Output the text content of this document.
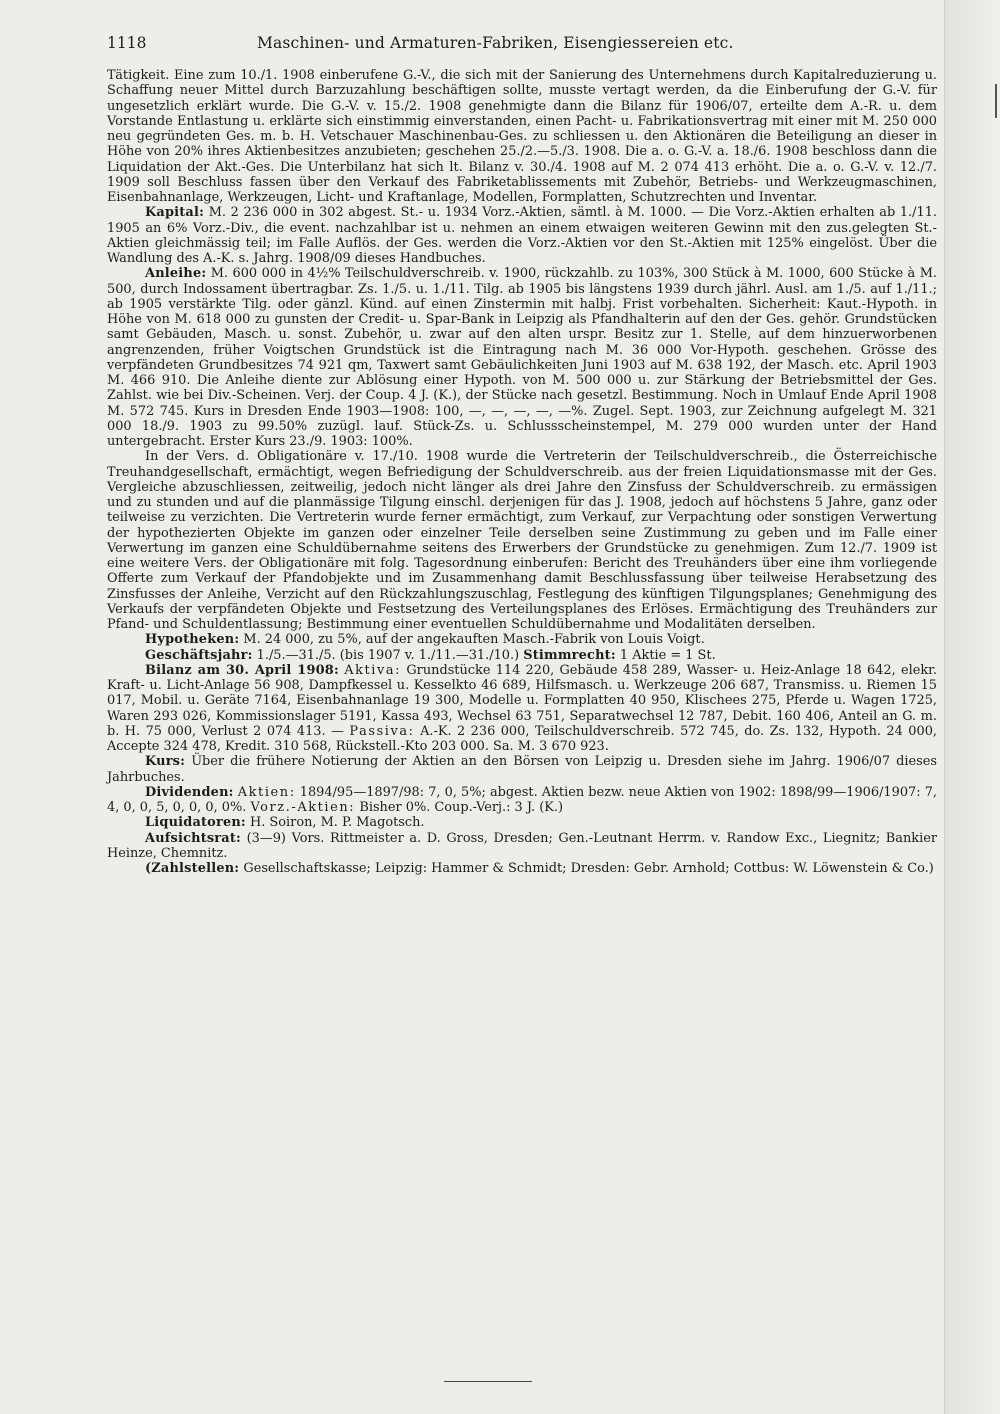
1118	Maschinen- und Armaturen-Fabriken, Eisengiessereien etc.

Tätigkeit. Eine zum 10./1. 1908 einberufene G.-V., die sich mit der Sanierung des Unternehmens durch Kapitalreduzierung u. Schaffung neuer Mittel durch Barzuzahlung beschäftigen sollte, musste vertagt werden, da die Einberufung der G.-V. für ungesetzlich erklärt wurde. Die G.-V. v. 15./2. 1908 genehmigte dann die Bilanz für 1906/07, erteilte dem A.-R. u. dem Vorstande Entlastung u. erklärte sich einstimmig einverstanden, einen Pacht- u. Fabrikationsvertrag mit einer mit M. 250 000 neu gegründeten Ges. m. b. H. Vetschauer Maschinenbau-Ges. zu schliessen u. den Aktionären die Beteiligung an dieser in Höhe von 20% ihres Aktienbesitzes anzubieten; geschehen 25./2.—5./3. 1908. Die a. o. G.-V. a. 18./6. 1908 beschloss dann die Liquidation der Akt.-Ges. Die Unterbilanz hat sich lt. Bilanz v. 30./4. 1908 auf M. 2 074 413 erhöht. Die a. o. G.-V. v. 12./7. 1909 soll Beschluss fassen über den Verkauf des Fabriketablissements mit Zubehör, Betriebs- und Werkzeugmaschinen, Eisenbahnanlage, Werkzeugen, Licht- und Kraftanlage, Modellen, Formplatten, Schutzrechten und Inventar.

Kapital: M. 2 236 000 in 302 abgest. St.- u. 1934 Vorz.-Aktien, sämtl. à M. 1000. — Die Vorz.-Aktien erhalten ab 1./11. 1905 an 6% Vorz.-Div., die event. nachzahlbar ist u. nehmen an einem etwaigen weiteren Gewinn mit den zus.gelegten St.-Aktien gleichmässig teil; im Falle Auflös. der Ges. werden die Vorz.-Aktien vor den St.-Aktien mit 125% eingelöst. Über die Wandlung des A.-K. s. Jahrg. 1908/09 dieses Handbuches.

Anleihe: M. 600 000 in 4½% Teilschuldverschreib. v. 1900, rückzahlb. zu 103%, 300 Stück à M. 1000, 600 Stücke à M. 500, durch Indossament übertragbar. Zs. 1./5. u. 1./11. Tilg. ab 1905 bis längstens 1939 durch jährl. Ausl. am 1./5. auf 1./11.; ab 1905 verstärkte Tilg. oder gänzl. Künd. auf einen Zinstermin mit halbj. Frist vorbehalten. Sicherheit: Kaut.-Hypoth. in Höhe von M. 618 000 zu gunsten der Credit- u. Spar-Bank in Leipzig als Pfandhalterin auf den der Ges. gehör. Grundstücken samt Gebäuden, Masch. u. sonst. Zubehör, u. zwar auf den alten urspr. Besitz zur 1. Stelle, auf dem hinzuerworbenen angrenzenden, früher Voigtschen Grundstück ist die Eintragung nach M. 36 000 Vor-Hypoth. geschehen. Grösse des verpfändeten Grundbesitzes 74 921 qm, Taxwert samt Gebäulichkeiten Juni 1903 auf M. 638 192, der Masch. etc. April 1903 M. 466 910. Die Anleihe diente zur Ablösung einer Hypoth. von M. 500 000 u. zur Stärkung der Betriebsmittel der Ges. Zahlst. wie bei Div.-Scheinen. Verj. der Coup. 4 J. (K.), der Stücke nach gesetzl. Bestimmung. Noch in Umlauf Ende April 1908 M. 572 745. Kurs in Dresden Ende 1903—1908: 100, —, —, —, —, —%. Zugel. Sept. 1903, zur Zeichnung aufgelegt M. 321 000 18./9. 1903 zu 99.50% zuzügl. lauf. Stück-Zs. u. Schlussscheinstempel, M. 279 000 wurden unter der Hand untergebracht. Erster Kurs 23./9. 1903: 100%.

In der Vers. d. Obligationäre v. 17./10. 1908 wurde die Vertreterin der Teilschuldverschreib., die Österreichische Treuhandgesellschaft, ermächtigt, wegen Befriedigung der Schuldverschreib. aus der freien Liquidationsmasse mit der Ges. Vergleiche abzuschliessen, zeitweilig, jedoch nicht länger als drei Jahre den Zinsfuss der Schuldverschreib. zu ermässigen und zu stunden und auf die planmässige Tilgung einschl. derjenigen für das J. 1908, jedoch auf höchstens 5 Jahre, ganz oder teilweise zu verzichten. Die Vertreterin wurde ferner ermächtigt, zum Verkauf, zur Verpachtung oder sonstigen Verwertung der hypothezierten Objekte im ganzen oder einzelner Teile derselben seine Zustimmung zu geben und im Falle einer Verwertung im ganzen eine Schuldübernahme seitens des Erwerbers der Grundstücke zu genehmigen. Zum 12./7. 1909 ist eine weitere Vers. der Obligationäre mit folg. Tagesordnung einberufen: Bericht des Treuhänders über eine ihm vorliegende Offerte zum Verkauf der Pfandobjekte und im Zusammenhang damit Beschlussfassung über teilweise Herabsetzung des Zinsfusses der Anleihe, Verzicht auf den Rückzahlungszuschlag, Festlegung des künftigen Tilgungsplanes; Genehmigung des Verkaufs der verpfändeten Objekte und Festsetzung des Verteilungsplanes des Erlöses. Ermächtigung des Treuhänders zur Pfand- und Schuldentlassung; Bestimmung einer eventuellen Schuldübernahme und Modalitäten derselben.

Hypotheken: M. 24 000, zu 5%, auf der angekauften Masch.-Fabrik von Louis Voigt.

Geschäftsjahr: 1./5.—31./5. (bis 1907 v. 1./11.—31./10.) Stimmrecht: 1 Aktie = 1 St.

Bilanz am 30. April 1908: Aktiva: Grundstücke 114 220, Gebäude 458 289, Wasser- u. Heiz-Anlage 18 642, elekr. Kraft- u. Licht-Anlage 56 908, Dampfkessel u. Kesselkto 46 689, Hilfsmasch. u. Werkzeuge 206 687, Transmiss. u. Riemen 15 017, Mobil. u. Geräte 7164, Eisenbahnanlage 19 300, Modelle u. Formplatten 40 950, Klischees 275, Pferde u. Wagen 1725, Waren 293 026, Kommissionslager 5191, Kassa 493, Wechsel 63 751, Separatwechsel 12 787, Debit. 160 406, Anteil an G. m. b. H. 75 000, Verlust 2 074 413. — Passiva: A.-K. 2 236 000, Teilschuldverschreib. 572 745, do. Zs. 132, Hypoth. 24 000, Accepte 324 478, Kredit. 310 568, Rückstell.-Kto 203 000. Sa. M. 3 670 923.

Kurs: Über die frühere Notierung der Aktien an den Börsen von Leipzig u. Dresden siehe im Jahrg. 1906/07 dieses Jahrbuches.

Dividenden: Aktien: 1894/95—1897/98: 7, 0, 5%; abgest. Aktien bezw. neue Aktien von 1902: 1898/99—1906/1907: 7, 4, 0, 0, 5, 0, 0, 0, 0%. Vorz.-Aktien: Bisher 0%. Coup.-Verj.: 3 J. (K.)

Liquidatoren: H. Soiron, M. P. Magotsch.

Aufsichtsrat: (3—9) Vors. Rittmeister a. D. Gross, Dresden; Gen.-Leutnant Herrm. v. Randow Exc., Liegnitz; Bankier Heinze, Chemnitz.

(Zahlstellen: Gesellschaftskasse; Leipzig: Hammer & Schmidt; Dresden: Gebr. Arnhold; Cottbus: W. Löwenstein & Co.)
